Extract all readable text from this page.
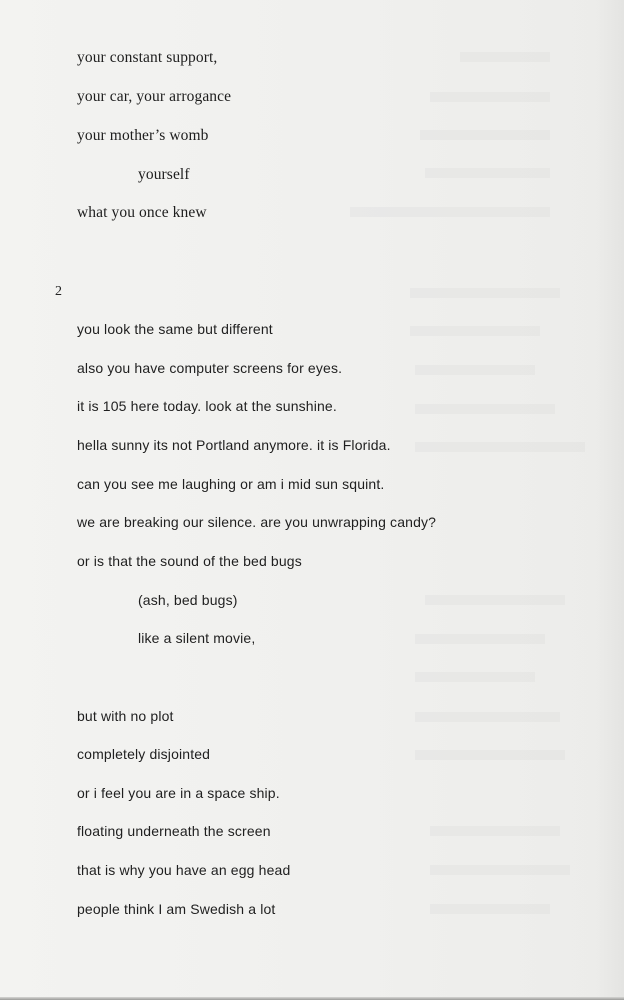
your constant support,
your car, your arrogance
your mother’s womb
yourself
what you once knew
2
you look the same but different
also you have computer screens for eyes.
it is 105 here today. look at the sunshine.
hella sunny its not Portland anymore. it is Florida.
can you see me laughing or am i mid sun squint.
we are breaking our silence. are you unwrapping candy?
or is that the sound of the bed bugs
(ash, bed bugs)
like a silent movie,
but with no plot
completely disjointed
or i feel you are in a space ship.
floating underneath the screen
that is why you have an egg head
people think I am Swedish a lot
